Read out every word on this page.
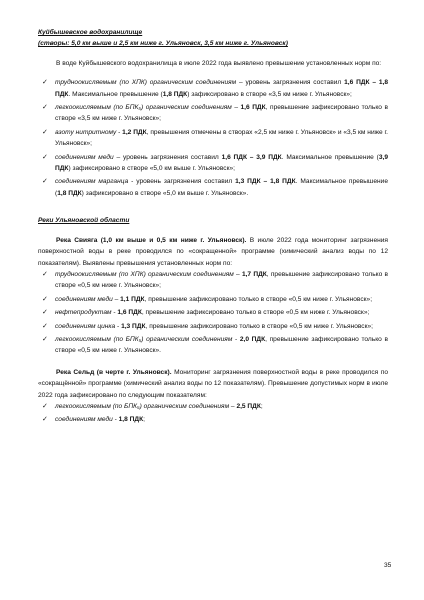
Куйбышевское водохранилище

(створы: 5,0 км выше и 2,5 км ниже г. Ульяновск, 3,5 км ниже г. Ульяновск)

В воде Куйбышевского водохранилища в июле 2022 года выявлено превышение установленных норм по:

✓ трудноокисляемым (по ХПК) органическим соединениям – уровень загрязнения составил 1,6 ПДК – 1,8 ПДК. Максимальное превышение (1,8 ПДК) зафиксировано в створе «3,5 км ниже г. Ульяновск»;
✓ легкоокисляемым (по БПК₅) органическим соединениям – 1,6 ПДК, превышение зафиксировано только в створе «3,5 км ниже г. Ульяновск»;
✓ азоту нитритному - 1,2 ПДК, превышения отмечены в створах «2,5 км ниже г. Ульяновск» и «3,5 км ниже г. Ульяновск»;
✓ соединениям меди – уровень загрязнения составил 1,6 ПДК – 3,9 ПДК. Максимальное превышение (3,9 ПДК) зафиксировано в створе «5,0 км выше г. Ульяновск»;
✓ соединениям марганца - уровень загрязнения составил 1,3 ПДК – 1,8 ПДК. Максимальное превышение (1,8 ПДК) зафиксировано в створе «5,0 км выше г. Ульяновск».

Реки Ульяновской области

Река Свияга (1,0 км выше и 0,5 км ниже г. Ульяновск). В июле 2022 года мониторинг загрязнения поверхностной воды в реке проводился по «сокращенной» программе (химический анализ воды по 12 показателям). Выявлены превышения установленных норм по:

✓ трудноокисляемым (по ХПК) органическим соединениям – 1,7 ПДК, превышение зафиксировано только в створе «0,5 км ниже г. Ульяновск»;
✓ соединениям меди – 1,1 ПДК, превышение зафиксировано только в створе «0,5 км ниже г. Ульяновск»;
✓ нефтепродуктам - 1,6 ПДК, превышение зафиксировано только в створе «0,5 км ниже г. Ульяновск»;
✓ соединениям цинка - 1,3 ПДК, превышение зафиксировано только в створе «0,5 км ниже г. Ульяновск»;
✓ легкоокисляемым (по БПК₅) органическим соединениям - 2,0 ПДК, превышение зафиксировано только в створе «0,5 км ниже г. Ульяновск».

Река Сельд (в черте г. Ульяновск). Мониторинг загрязнения поверхностной воды в реке проводился по «сокращённой» программе (химический анализ воды по 12 показателям). Превышение допустимых норм в июле 2022 года зафиксировано по следующим показателям:

✓ легкоокисляемым (по БПК₅) органическим соединениям – 2,5 ПДК;
✓ соединениям меди - 1,8 ПДК;
35
